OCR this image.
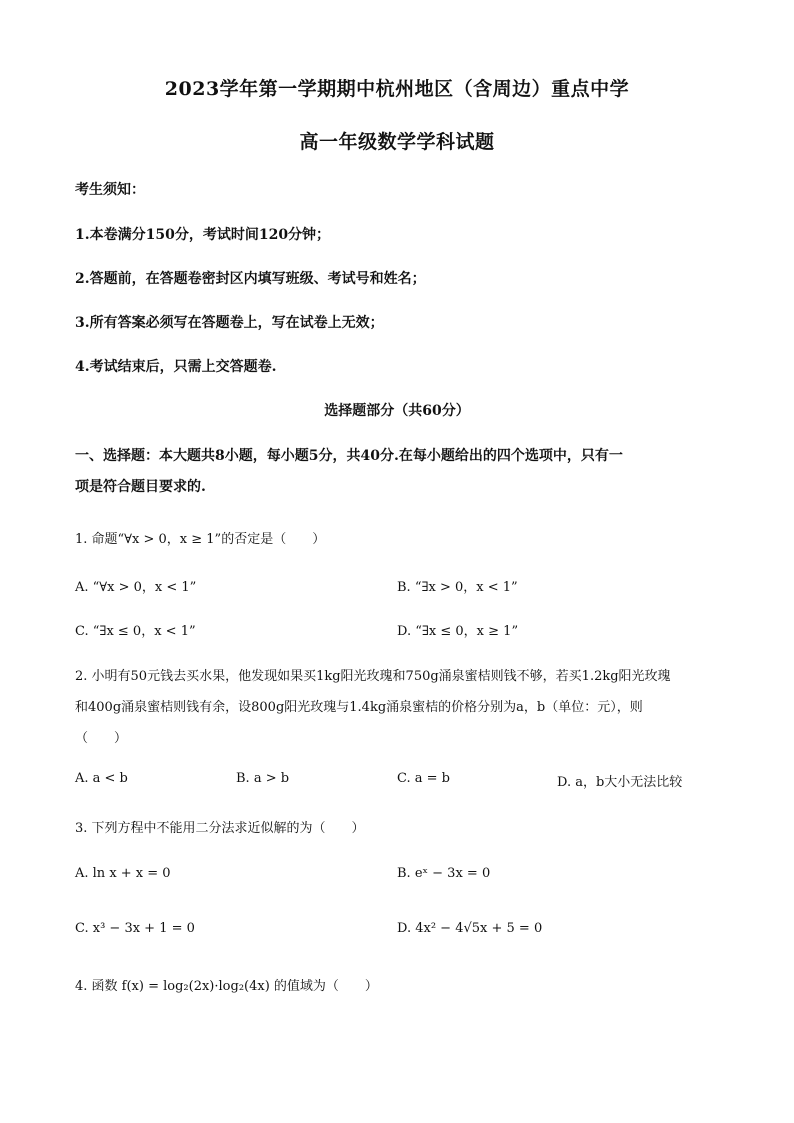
2023学年第一学期期中杭州地区（含周边）重点中学
高一年级数学学科试题
考生须知：
1.本卷满分150分，考试时间120分钟；
2.答题前，在答题卷密封区内填写班级、考试号和姓名；
3.所有答案必须写在答题卷上，写在试卷上无效；
4.考试结束后，只需上交答题卷.
选择题部分（共60分）
一、选择题：本大题共8小题，每小题5分，共40分.在每小题给出的四个选项中，只有一
项是符合题目要求的.
1. 命题“∀x > 0，x ≥ 1”的否定是（　　）
A. “∀x > 0，x < 1”	B. “∃x > 0，x < 1”
C. “∃x ≤ 0，x < 1”	D. “∃x ≤ 0，x ≥ 1”
2. 小明有50元钱去买水果，他发现如果买1kg阳光玫瑰和750g涌泉蜜桔则钱不够，若买1.2kg阳光玫瑰
和400g涌泉蜜桔则钱有余，设800g阳光玫瑰与1.4kg涌泉蜜桔的价格分别为a，b（单位：元），则
（　　）
A. a < b	B. a > b	C. a = b	D. a，b大小无法比较
3. 下列方程中不能用二分法求近似解的为（　　）
A. ln x + x = 0	B. eˣ − 3x = 0
C. x³ − 3x + 1 = 0	D. 4x² − 4√5x + 5 = 0
4. 函数 f(x) = log₂(2x)·log₂(4x) 的值域为（　　）
